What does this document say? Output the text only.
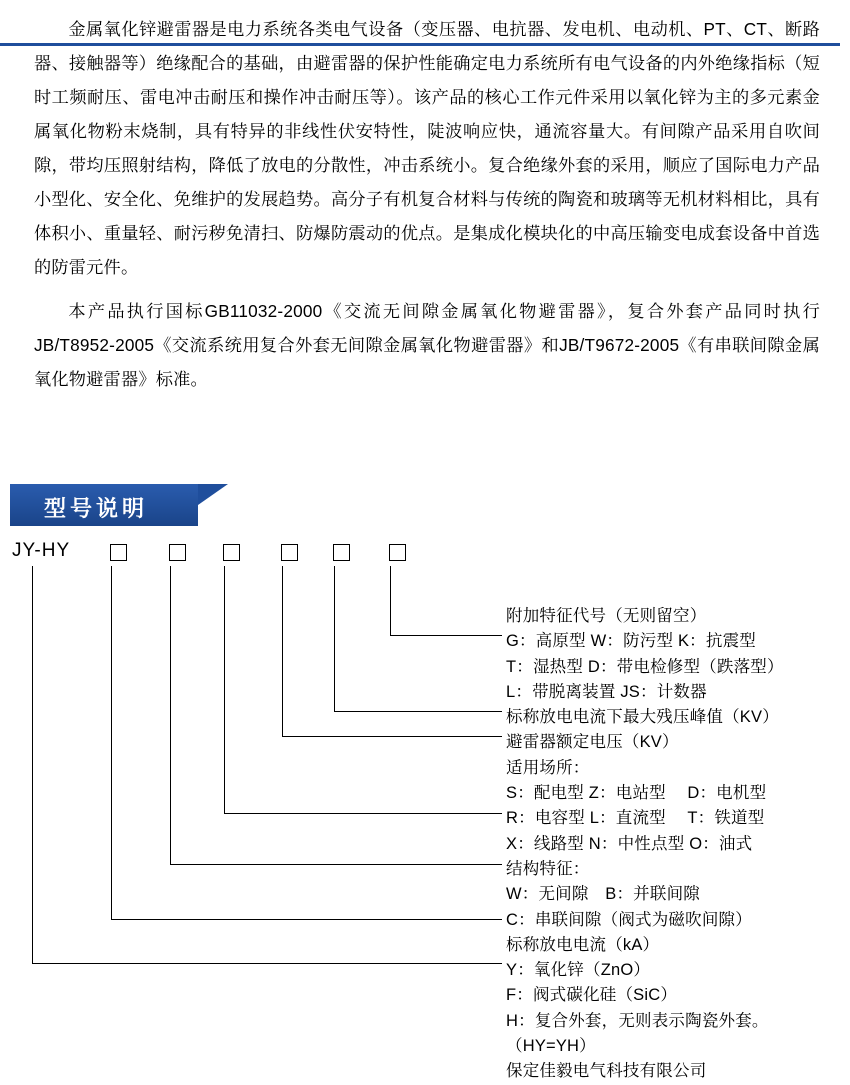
金属氧化锌避雷器是电力系统各类电气设备（变压器、电抗器、发电机、电动机、PT、CT、断路器、接触器等）绝缘配合的基础，由避雷器的保护性能确定电力系统所有电气设备的内外绝缘指标（短时工频耐压、雷电冲击耐压和操作冲击耐压等）。该产品的核心工作元件采用以氧化锌为主的多元素金属氧化物粉末烧制，具有特异的非线性伏安特性，陡波响应快，通流容量大。有间隙产品采用自吹间隙，带均压照射结构，降低了放电的分散性，冲击系统小。复合绝缘外套的采用，顺应了国际电力产品小型化、安全化、免维护的发展趋势。高分子有机复合材料与传统的陶瓷和玻璃等无机材料相比，具有体积小、重量轻、耐污秽免清扫、防爆防震动的优点。是集成化模块化的中高压输变电成套设备中首选的防雷元件。

本产品执行国标GB11032-2000《交流无间隙金属氧化物避雷器》，复合外套产品同时执行JB/T8952-2005《交流系统用复合外套无间隙金属氧化物避雷器》和JB/T9672-2005《有串联间隙金属氧化物避雷器》标准。

型号说明
JY-HY
附加特征代号（无则留空）
G：高原型 W：防污型 K：抗震型
T：湿热型 D：带电检修型（跌落型）
L：带脱离装置 JS：计数器
标称放电电流下最大残压峰值（KV）
避雷器额定电压（KV）
适用场所：
S：配电型 Z：电站型　 D：电机型
R：电容型 L：直流型　 T：铁道型
X：线路型 N：中性点型 O：油式
结构特征：
W：无间隙　B：并联间隙
C：串联间隙（阀式为磁吹间隙）
标称放电电流（kA）
Y：氧化锌（ZnO）
F：阀式碳化硅（SiC）
H：复合外套，无则表示陶瓷外套。
（HY=YH）
保定佳毅电气科技有限公司
